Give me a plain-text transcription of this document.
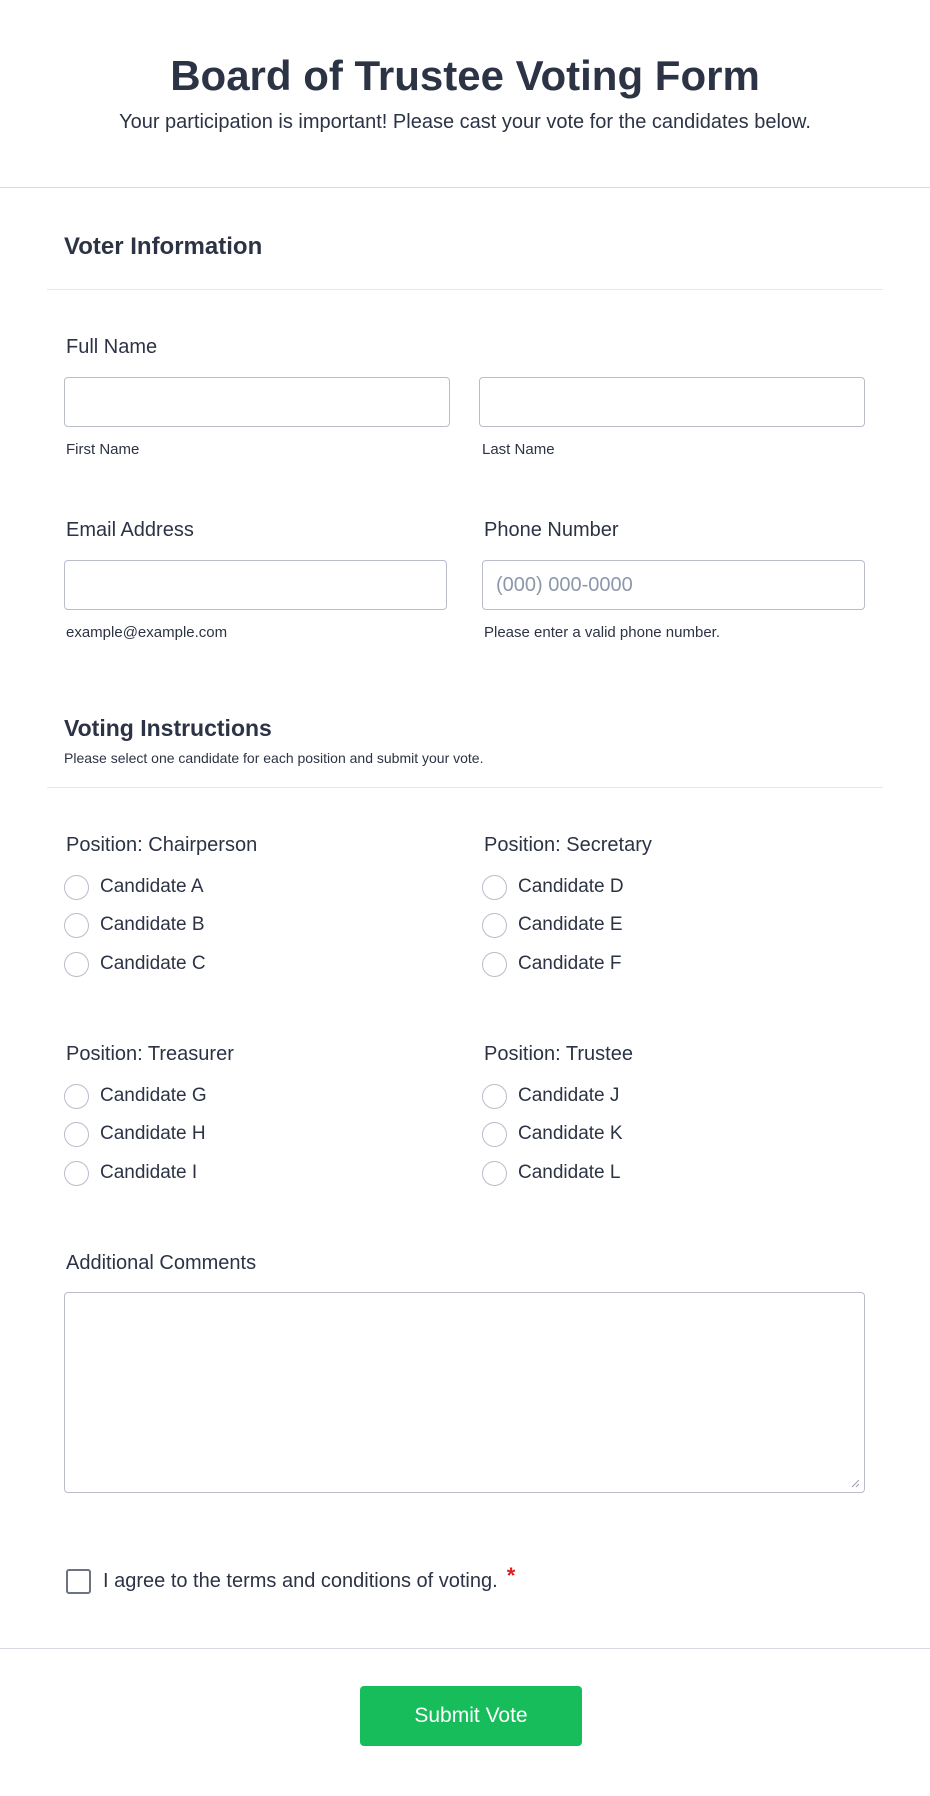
Board of Trustee Voting Form
Your participation is important! Please cast your vote for the candidates below.
Voter Information
Full Name
First Name	Last Name
Email Address
example@example.com
Phone Number
(000) 000-0000
Please enter a valid phone number.
Voting Instructions
Please select one candidate for each position and submit your vote.
Position: Chairperson
Candidate A
Candidate B
Candidate C
Position: Secretary
Candidate D
Candidate E
Candidate F
Position: Treasurer
Candidate G
Candidate H
Candidate I
Position: Trustee
Candidate J
Candidate K
Candidate L
Additional Comments
I agree to the terms and conditions of voting. *
Submit Vote
